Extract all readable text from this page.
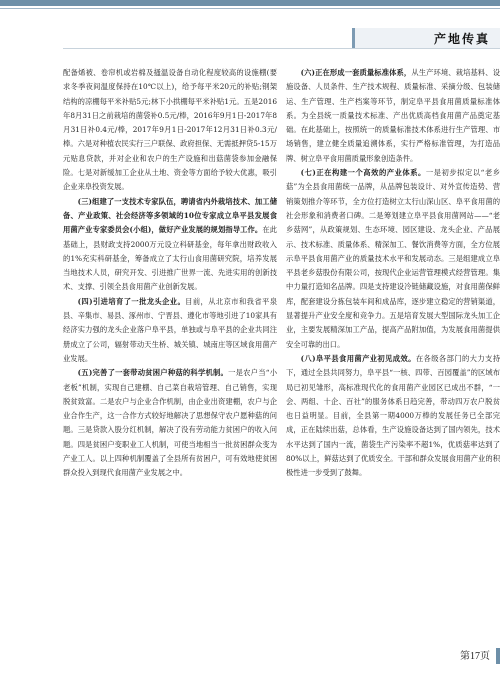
产地传真

配备烯被、卷帘机或岩棉及搔温设备自动化程度较高的设施棚(要求冬季夜间温度保持在10℃以上)，给予每平米20元的补贴;钢架结构的凉棚每平米补贴5元;林下小拱棚每平米补贴1元。五是2016年8月31日之前栽培的菌袋补0.5元/棒，2016年9月1日-2017年8月31日补0.4元/棒，2017年9月1日-2017年12月31日补0.3元/棒。六是对种植农民实行三户联保、政府担保、无需抵押贷5-15万元贴息贷款，并对企业和农户的生产设施和出菇菌袋参加金融保险。七是对新缓加工企业从土地、资金等方面给予较大优惠，吸引企业来阜投资发展。

(三)组建了一支技术专家队伍，聘请省内外栽培技术、加工储备、产业政策、社会经济等多领域的10位专家成立阜平县发展食用菌产业专家委员会(小组)，做好产业发展的规划指导工作。在此基础上，县财政支持2000万元设立科研基金，每年拿出财政收入的1%充实科研基金，筹备成立了太行山食用菌研究院，培养发展当地技术人员，研究开发、引进推广世界一流、先进实用的创新技术、支撑、引领全县食用菌产业创新发展。

(四)引进培育了一批龙头企业。目前，从北京市和我省平泉县、辛集市、易县、涿州市、宁晋县、遵化市等地引进了10家具有经济实力强的龙头企业落户阜平县，单独或与阜平县的企业共同注册成立了公司，辐射带动天生桥、城关镇、城南庄等区域食用菌产业发展。

(五)完善了一套带动贫困户种菇的科学机制。一是农户当“小老板”机制，实现自己建棚、自己菜自栽培管理、自己销售，实现脱贫致富。二是农户与企业合作机制，由企业出资建棚，农户与企业合作生产，这一合作方式较好地解决了思想保守农户愿种菇的问题。三是贷款入股分红机制，解决了没有劳动能力贫困户的收入问题。四是贫困户变职业工人机制，可使当地相当一批贫困群众变为产业工人。以上四种机制覆盖了全县所有贫困户，可有效地使贫困群众投入到现代食用菌产业发展之中。

(六)正在形成一套质量标准体系，从生产环境、栽培基料、设施设备、人员条件、生产技术规程、质量标准、采摘分级、包装储运、生产管理、生产档案等环节，制定阜平县食用菌质量标准体系。为全县统一质量技术标准、产出优质高档食用菌产品奠定基础。在此基础上，按照统一的质量标准技术体系进行生产管理、市场销售，建立健全质量追溯体系，实行严格标准管理，为打造品牌、树立阜平食用菌质量形象创造条件。

(七)正在构建一个高效的产业体系。一是初步拟定以“老乡菇”为全县食用菌统一品牌，从品牌包装设计、对外宣传造势、营销策划推介等环节，全方位打造树立太行山深山区、阜平食用菌的社会形象和消费者口碑。二是筹划建立阜平县食用菌网站——“老乡菇网”，从政策规划、生态环境、园区建设、龙头企业、产品展示、技术标准、质量体系、精深加工、餐饮消费等方面，全方位展示阜平县食用菌产业的质量技术水平和发展动态。三是组建成立阜平县老乡菇股份有限公司，按现代企业运营管理模式经营管理。集中力量打造知名品牌。四是支持建设冷链储藏设施，对食用菌保鲜库，配套建设分拣包装车间和成品库，逐步建立稳定的营销渠道，显著提升产业安全度和竞争力。五是培育发展大型国际龙头加工企业，主要发展精深加工产品，提高产品附加值，为发展食用菌提供安全可靠的出口。

(八)阜平县食用菌产业初见成效。在各级各部门的大力支持下，通过全县共同努力，阜平县“一核、四带、百园覆盖”的区域布局已初见雏形，高标准现代化的食用菌产业园区已成出不群，“一会、两组、十企、百社”的服务体系日趋完善，带动四万农户脱贫也日益明显。目前，全县第一期4000万棒的发展任务已全部完成，正在陆续出菇，总体看，生产设施设备达到了国内领先，技术水平达到了国内一流，菌袋生产污染率不超1%，优质菇率达到了80%以上，鲜菇达到了优质安全。干部和群众发展食用菌产业的积极性进一步受到了鼓舞。

第17页
